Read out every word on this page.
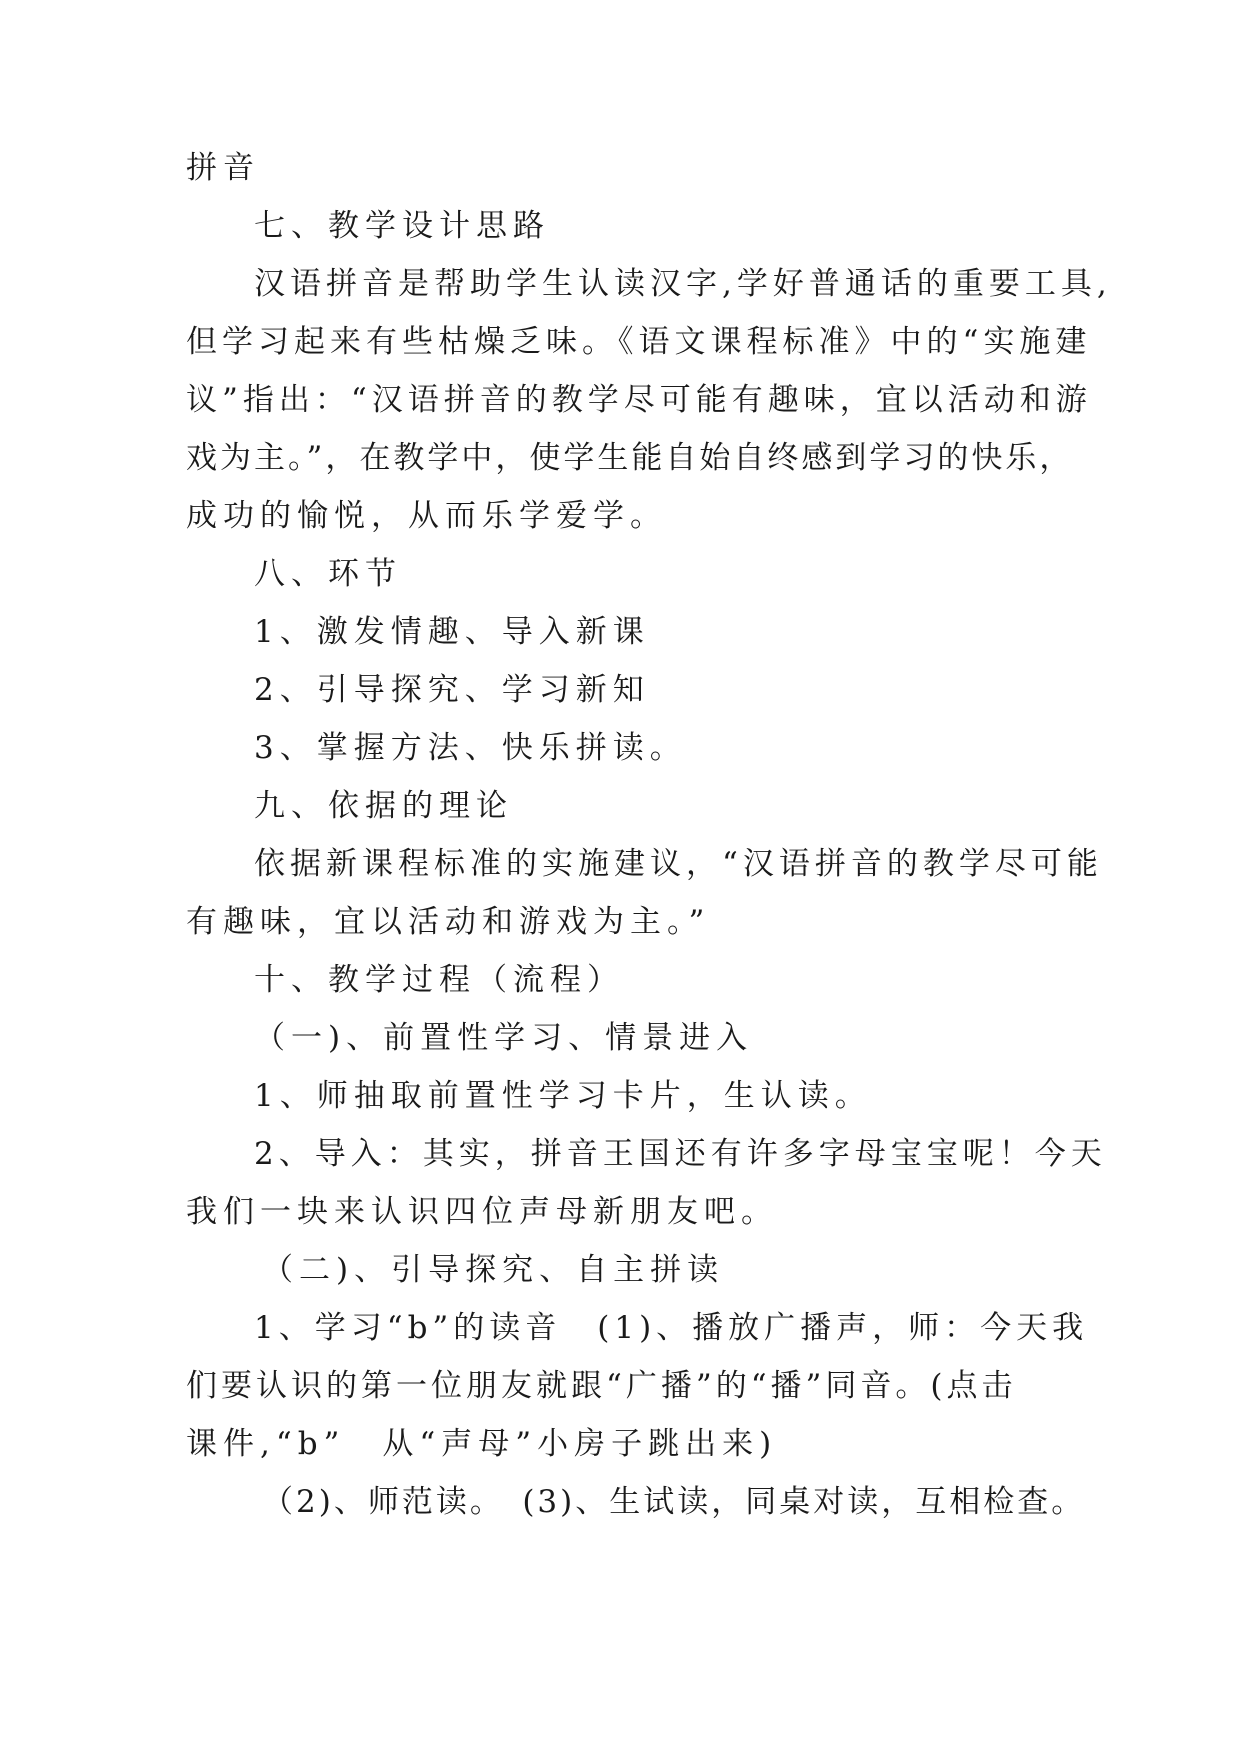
拼音
七、教学设计思路
汉语拼音是帮助学生认读汉字,学好普通话的重要工具,
但学习起来有些枯燥乏味。《语文课程标准》中的“实施建
议”指出：“汉语拼音的教学尽可能有趣味，宜以活动和游
戏为主。”，在教学中，使学生能自始自终感到学习的快乐，
成功的愉悦，从而乐学爱学。
八、环节
1、激发情趣、导入新课
2、引导探究、学习新知
3、掌握方法、快乐拼读。
九、依据的理论
依据新课程标准的实施建议，“汉语拼音的教学尽可能
有趣味，宜以活动和游戏为主。”
十、教学过程（流程）
（一)、前置性学习、情景进入
1、师抽取前置性学习卡片，生认读。
2、导入：其实，拼音王国还有许多字母宝宝呢！今天
我们一块来认识四位声母新朋友吧。
（二)、引导探究、自主拼读
1、学习“b”的读音　(1)、播放广播声，师：今天我
们要认识的第一位朋友就跟“广播”的“播”同音。(点击
课件,“b”　从“声母”小房子跳出来)
（2)、师范读。　(3)、生试读，同桌对读，互相检查。
